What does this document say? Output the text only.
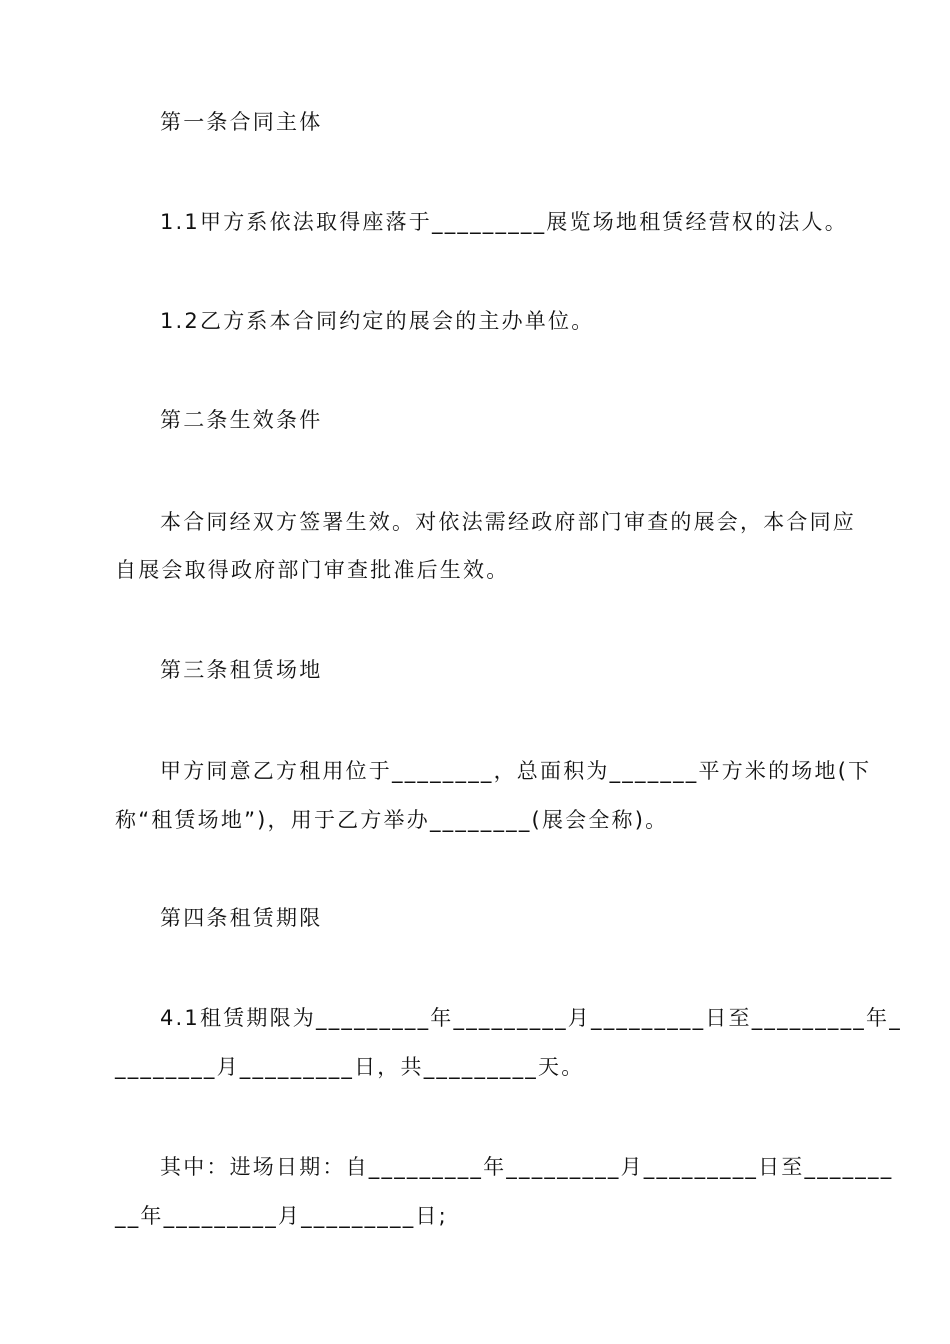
第一条合同主体
1.1甲方系依法取得座落于_________展览场地租赁经营权的法人。
1.2乙方系本合同约定的展会的主办单位。
第二条生效条件
本合同经双方签署生效。对依法需经政府部门审查的展会，本合同应
自展会取得政府部门审查批准后生效。
第三条租赁场地
甲方同意乙方租用位于________，总面积为_______平方米的场地(下
称“租赁场地”)，用于乙方举办________(展会全称)。
第四条租赁期限
4.1租赁期限为_________年_________月_________日至_________年_
________月_________日，共_________天。
其中：进场日期：自_________年_________月_________日至_______
__年_________月_________日;
